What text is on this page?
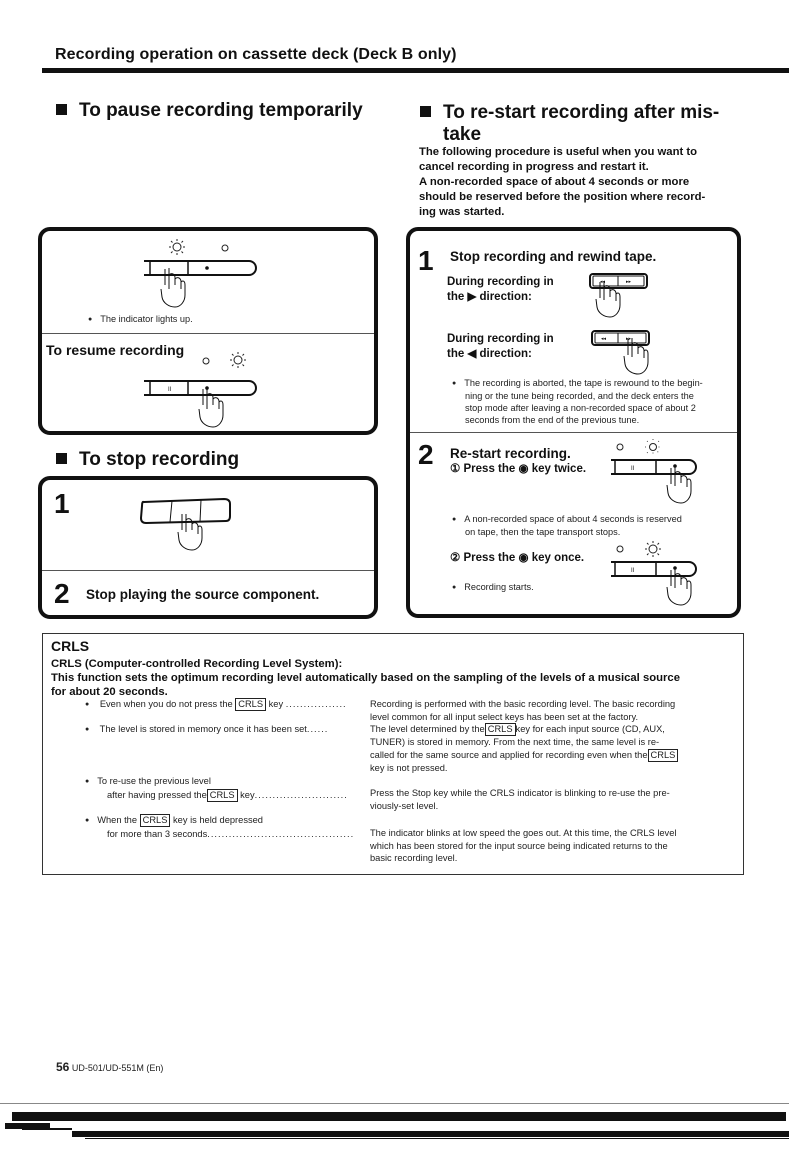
Recording operation on cassette deck (Deck B only)
To pause recording temporarily
● The indicator lights up.
To resume recording
II
To stop recording
1
2 Stop playing the source component.
To re-start recording after mis-
take
The following procedure is useful when you want to
cancel recording in progress and restart it.
A non-recorded space of about 4 seconds or more
should be reserved before the position where record-
ing was started.
1 Stop recording and rewind tape.
During recording in
the ▶ direction:
◂◂	▸▸
During recording in
the ◀ direction:
◂◂	▸▸
● The recording is aborted, the tape is rewound to the begin-
ning or the tune being recorded, and the deck enters the
stop mode after leaving a non-recorded space of about 2
seconds from the end of the previous tune.
2 Re-start recording.
① Press the ◉ key twice.	II
● A non-recorded space of about 4 seconds is reserved
on tape, then the tape transport stops.
② Press the ◉ key once.
II
● Recording starts.
CRLS
CRLS (Computer-controlled Recording Level System):
This function sets the optimum recording level automatically based on the sampling of the levels of a musical source
for about 20 seconds.
● Even when you do not press the CRLS key .................	Recording is performed with the basic recording level. The basic recording
level common for all input select keys has been set at the factory.
● The level is stored in memory once it has been set......	The level determined by the CRLS key for each input source (CD, AUX,
TUNER) is stored in memory. From the next time, the same level is re-
called for the same source and applied for recording even when the CRLS
key is not pressed.
● To re-use the previous level
after having pressed the CRLS key.......................... Press the Stop key while the CRLS indicator is blinking to re-use the pre-
viously-set level.
● When the CRLS key is held depressed
for more than 3 seconds......................................... The indicator blinks at low speed the goes out. At this time, the CRLS level
which has been stored for the input source being indicated returns to the
basic recording level.
56 UD-501/UD-551M (En)
